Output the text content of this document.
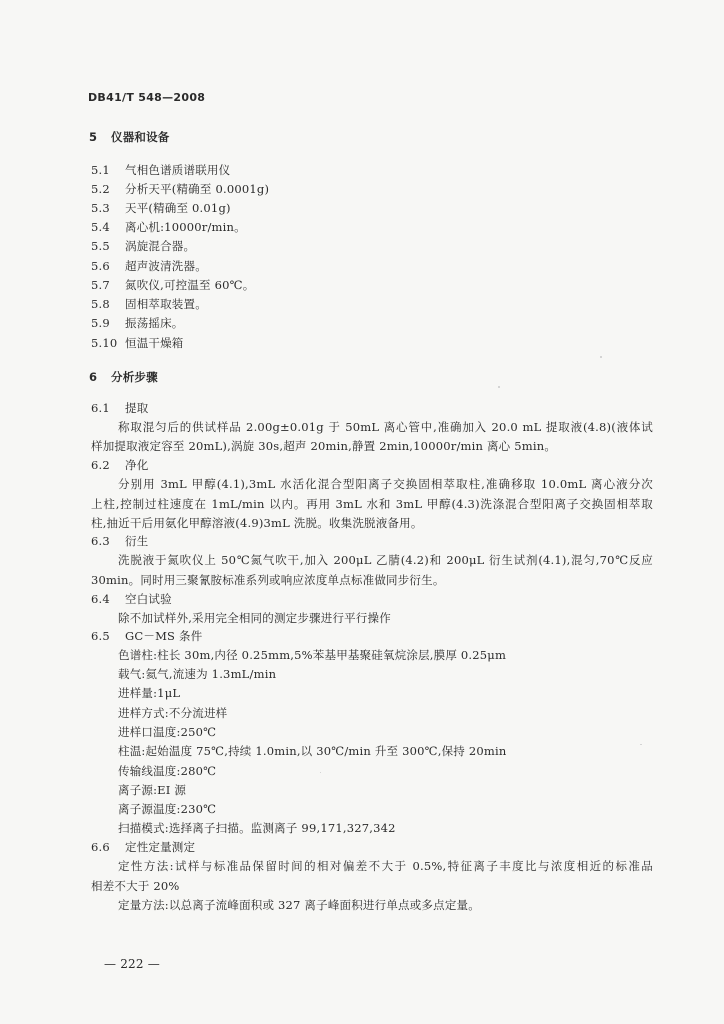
DB41/T 548—2008
5 仪器和设备
5.1 气相色谱质谱联用仪
5.2 分析天平(精确至 0.0001g)
5.3 天平(精确至 0.01g)
5.4 离心机:10000r/min。
5.5 涡旋混合器。
5.6 超声波清洗器。
5.7 氮吹仪,可控温至 60℃。
5.8 固相萃取装置。
5.9 振荡摇床。
5.10 恒温干燥箱
6 分析步骤
6.1 提取
称取混匀后的供试样品 2.00g±0.01g 于 50mL 离心管中,准确加入 20.0 mL 提取液(4.8)(液体试
样加提取液定容至 20mL),涡旋 30s,超声 20min,静置 2min,10000r/min 离心 5min。
6.2 净化
分别用 3mL 甲醇(4.1),3mL 水活化混合型阳离子交换固相萃取柱,准确移取 10.0mL 离心液分次
上柱,控制过柱速度在 1mL/min 以内。再用 3mL 水和 3mL 甲醇(4.3)洗涤混合型阳离子交换固相萃取
柱,抽近干后用氨化甲醇溶液(4.9)3mL 洗脱。收集洗脱液备用。
6.3 衍生
洗脱液于氮吹仪上 50℃氮气吹干,加入 200μL 乙腈(4.2)和 200μL 衍生试剂(4.1),混匀,70℃反应
30min。同时用三聚氰胺标准系列或响应浓度单点标准做同步衍生。
6.4 空白试验
除不加试样外,采用完全相同的测定步骤进行平行操作
6.5 GC－MS 条件
色谱柱:柱长 30m,内径 0.25mm,5%苯基甲基聚硅氧烷涂层,膜厚 0.25μm
载气:氦气,流速为 1.3mL/min
进样量:1μL
进样方式:不分流进样
进样口温度:250℃
柱温:起始温度 75℃,持续 1.0min,以 30℃/min 升至 300℃,保持 20min
传输线温度:280℃
离子源:EI 源
离子源温度:230℃
扫描模式:选择离子扫描。监测离子 99,171,327,342
6.6 定性定量测定
定性方法:试样与标准品保留时间的相对偏差不大于 0.5%,特征离子丰度比与浓度相近的标准品
相差不大于 20%
定量方法:以总离子流峰面积或 327 离子峰面积进行单点或多点定量。
— 222 —
